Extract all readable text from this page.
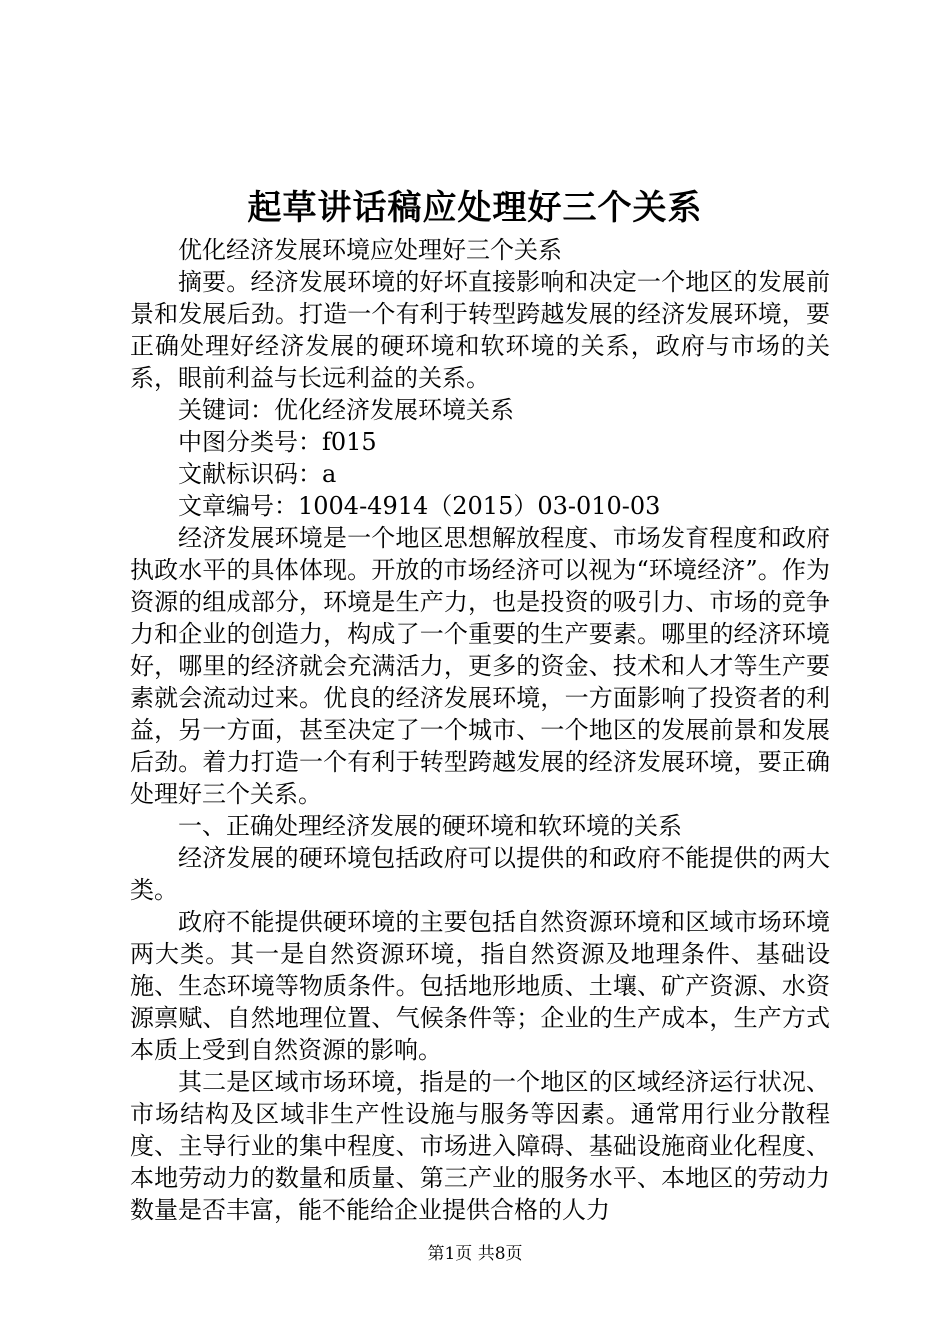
起草讲话稿应处理好三个关系

优化经济发展环境应处理好三个关系

摘要。经济发展环境的好坏直接影响和决定一个地区的发展前景和发展后劲。打造一个有利于转型跨越发展的经济发展环境，要正确处理好经济发展的硬环境和软环境的关系，政府与市场的关系，眼前利益与长远利益的关系。

关键词：优化经济发展环境关系

中图分类号：f015

文献标识码：a

文章编号：1004-4914（2015）03-010-03

经济发展环境是一个地区思想解放程度、市场发育程度和政府执政水平的具体体现。开放的市场经济可以视为“环境经济”。作为资源的组成部分，环境是生产力，也是投资的吸引力、市场的竞争力和企业的创造力，构成了一个重要的生产要素。哪里的经济环境好，哪里的经济就会充满活力，更多的资金、技术和人才等生产要素就会流动过来。优良的经济发展环境，一方面影响了投资者的利益，另一方面，甚至决定了一个城市、一个地区的发展前景和发展后劲。着力打造一个有利于转型跨越发展的经济发展环境，要正确处理好三个关系。

一、正确处理经济发展的硬环境和软环境的关系

经济发展的硬环境包括政府可以提供的和政府不能提供的两大类。

政府不能提供硬环境的主要包括自然资源环境和区域市场环境两大类。其一是自然资源环境，指自然资源及地理条件、基础设施、生态环境等物质条件。包括地形地质、土壤、矿产资源、水资源禀赋、自然地理位置、气候条件等；企业的生产成本，生产方式本质上受到自然资源的影响。

其二是区域市场环境，指是的一个地区的区域经济运行状况、市场结构及区域非生产性设施与服务等因素。通常用行业分散程度、主导行业的集中程度、市场进入障碍、基础设施商业化程度、本地劳动力的数量和质量、第三产业的服务水平、本地区的劳动力数量是否丰富，能不能给企业提供合格的人力

第1页 共8页
